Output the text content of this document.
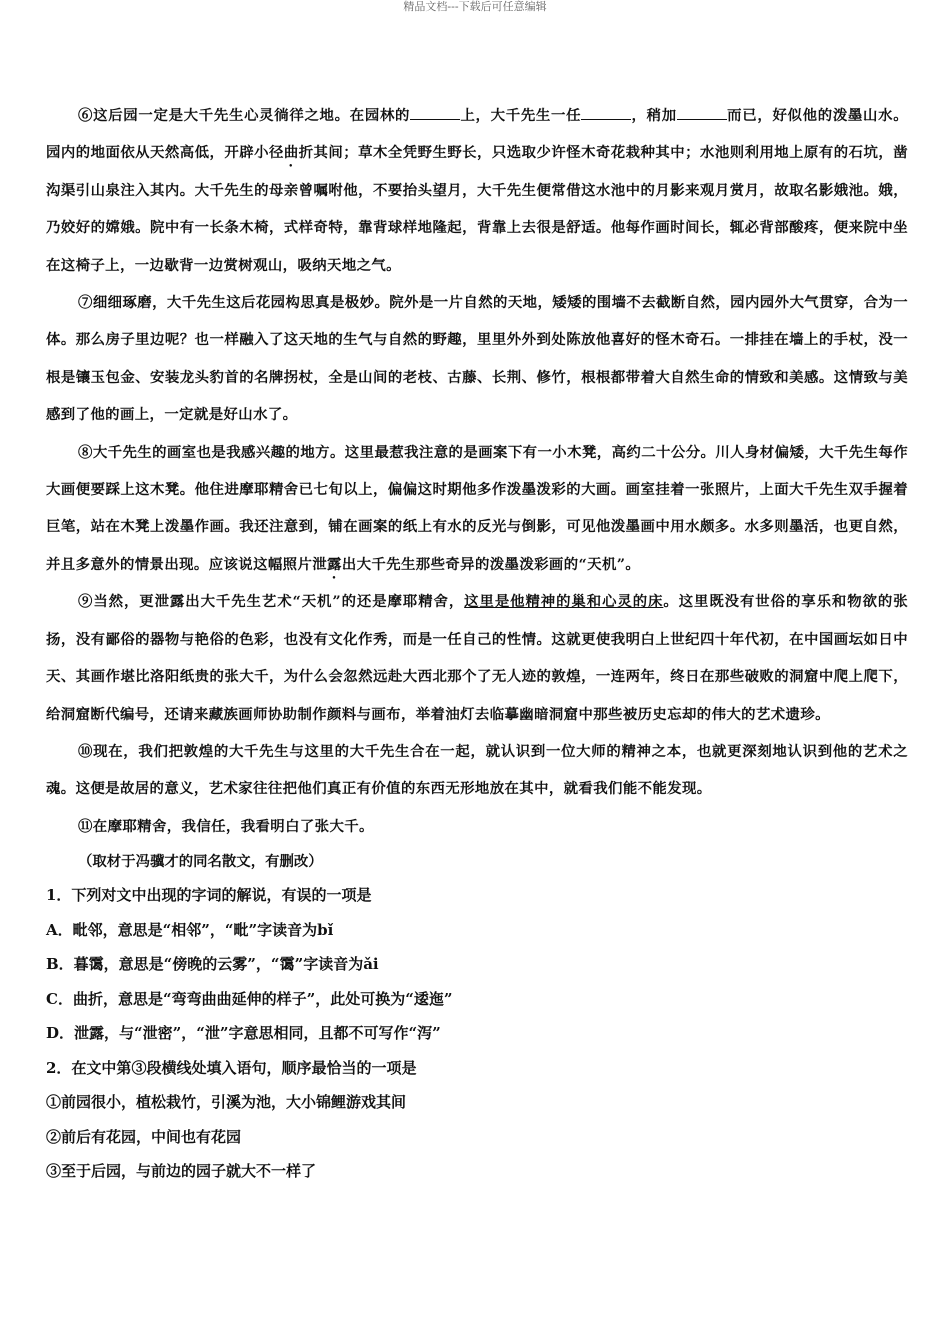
精品文档---下载后可任意编辑

⑥这后园一定是大千先生心灵徜徉之地。在园林的	上，大千先生一任	，稍加	而已，好似他的泼墨山水。园内的地面依从天然高低，开辟小径曲折其间；草木全凭野生野长，只选取少许怪木奇花栽种其中；水池则利用地上原有的石坑，凿沟渠引山泉注入其内。大千先生的母亲曾嘱咐他，不要抬头望月，大千先生便常借这水池中的月影来观月赏月，故取名影娥池。娥，乃姣好的嫦娥。院中有一长条木椅，式样奇特，靠背球样地隆起，背靠上去很是舒适。他每作画时间长，辄必背部酸疼，便来院中坐在这椅子上，一边歇背一边赏树观山，吸纳天地之气。

⑦细细琢磨，大千先生这后花园构思真是极妙。院外是一片自然的天地，矮矮的围墙不去截断自然，园内园外大气贯穿，合为一体。那么房子里边呢？也一样融入了这天地的生气与自然的野趣，里里外外到处陈放他喜好的怪木奇石。一排挂在墙上的手杖，没一根是镶玉包金、安装龙头豹首的名牌拐杖，全是山间的老枝、古藤、长荆、修竹，根根都带着大自然生命的情致和美感。这情致与美感到了他的画上，一定就是好山水了。

⑧大千先生的画室也是我感兴趣的地方。这里最惹我注意的是画案下有一小木凳，高约二十公分。川人身材偏矮，大千先生每作大画便要踩上这木凳。他住进摩耶精舍已七旬以上，偏偏这时期他多作泼墨泼彩的大画。画室挂着一张照片，上面大千先生双手握着巨笔，站在木凳上泼墨作画。我还注意到，铺在画案的纸上有水的反光与倒影，可见他泼墨画中用水颇多。水多则墨活，也更自然，并且多意外的情景出现。应该说这幅照片泄露出大千先生那些奇异的泼墨泼彩画的“天机”。

⑨当然，更泄露出大千先生艺术“天机”的还是摩耶精舍，这里是他精神的巢和心灵的床。这里既没有世俗的享乐和物欲的张扬，没有鄙俗的器物与艳俗的色彩，也没有文化作秀，而是一任自己的性情。这就更使我明白上世纪四十年代初，在中国画坛如日中天、其画作堪比洛阳纸贵的张大千，为什么会忽然远赴大西北那个了无人迹的敦煌，一连两年，终日在那些破败的洞窟中爬上爬下，给洞窟断代编号，还请来藏族画师协助制作颜料与画布，举着油灯去临摹幽暗洞窟中那些被历史忘却的伟大的艺术遗珍。

⑩现在，我们把敦煌的大千先生与这里的大千先生合在一起，就认识到一位大师的精神之本，也就更深刻地认识到他的艺术之魂。这便是故居的意义，艺术家往往把他们真正有价值的东西无形地放在其中，就看我们能不能发现。

⑪在摩耶精舍，我信任，我看明白了张大千。

（取材于冯骥才的同名散文，有删改）

1．下列对文中出现的字词的解说，有误的一项是

A．毗邻，意思是“相邻”，“毗”字读音为bǐ

B．暮霭，意思是“傍晚的云雾”，“霭”字读音为ǎi

C．曲折，意思是“弯弯曲曲延伸的样子”，此处可换为“逶迤”

D．泄露，与“泄密”，“泄”字意思相同，且都不可写作“泻”

2．在文中第③段横线处填入语句，顺序最恰当的一项是

①前园很小，植松栽竹，引溪为池，大小锦鲤游戏其间

②前后有花园，中间也有花园

③至于后园，与前边的园子就大不一样了
